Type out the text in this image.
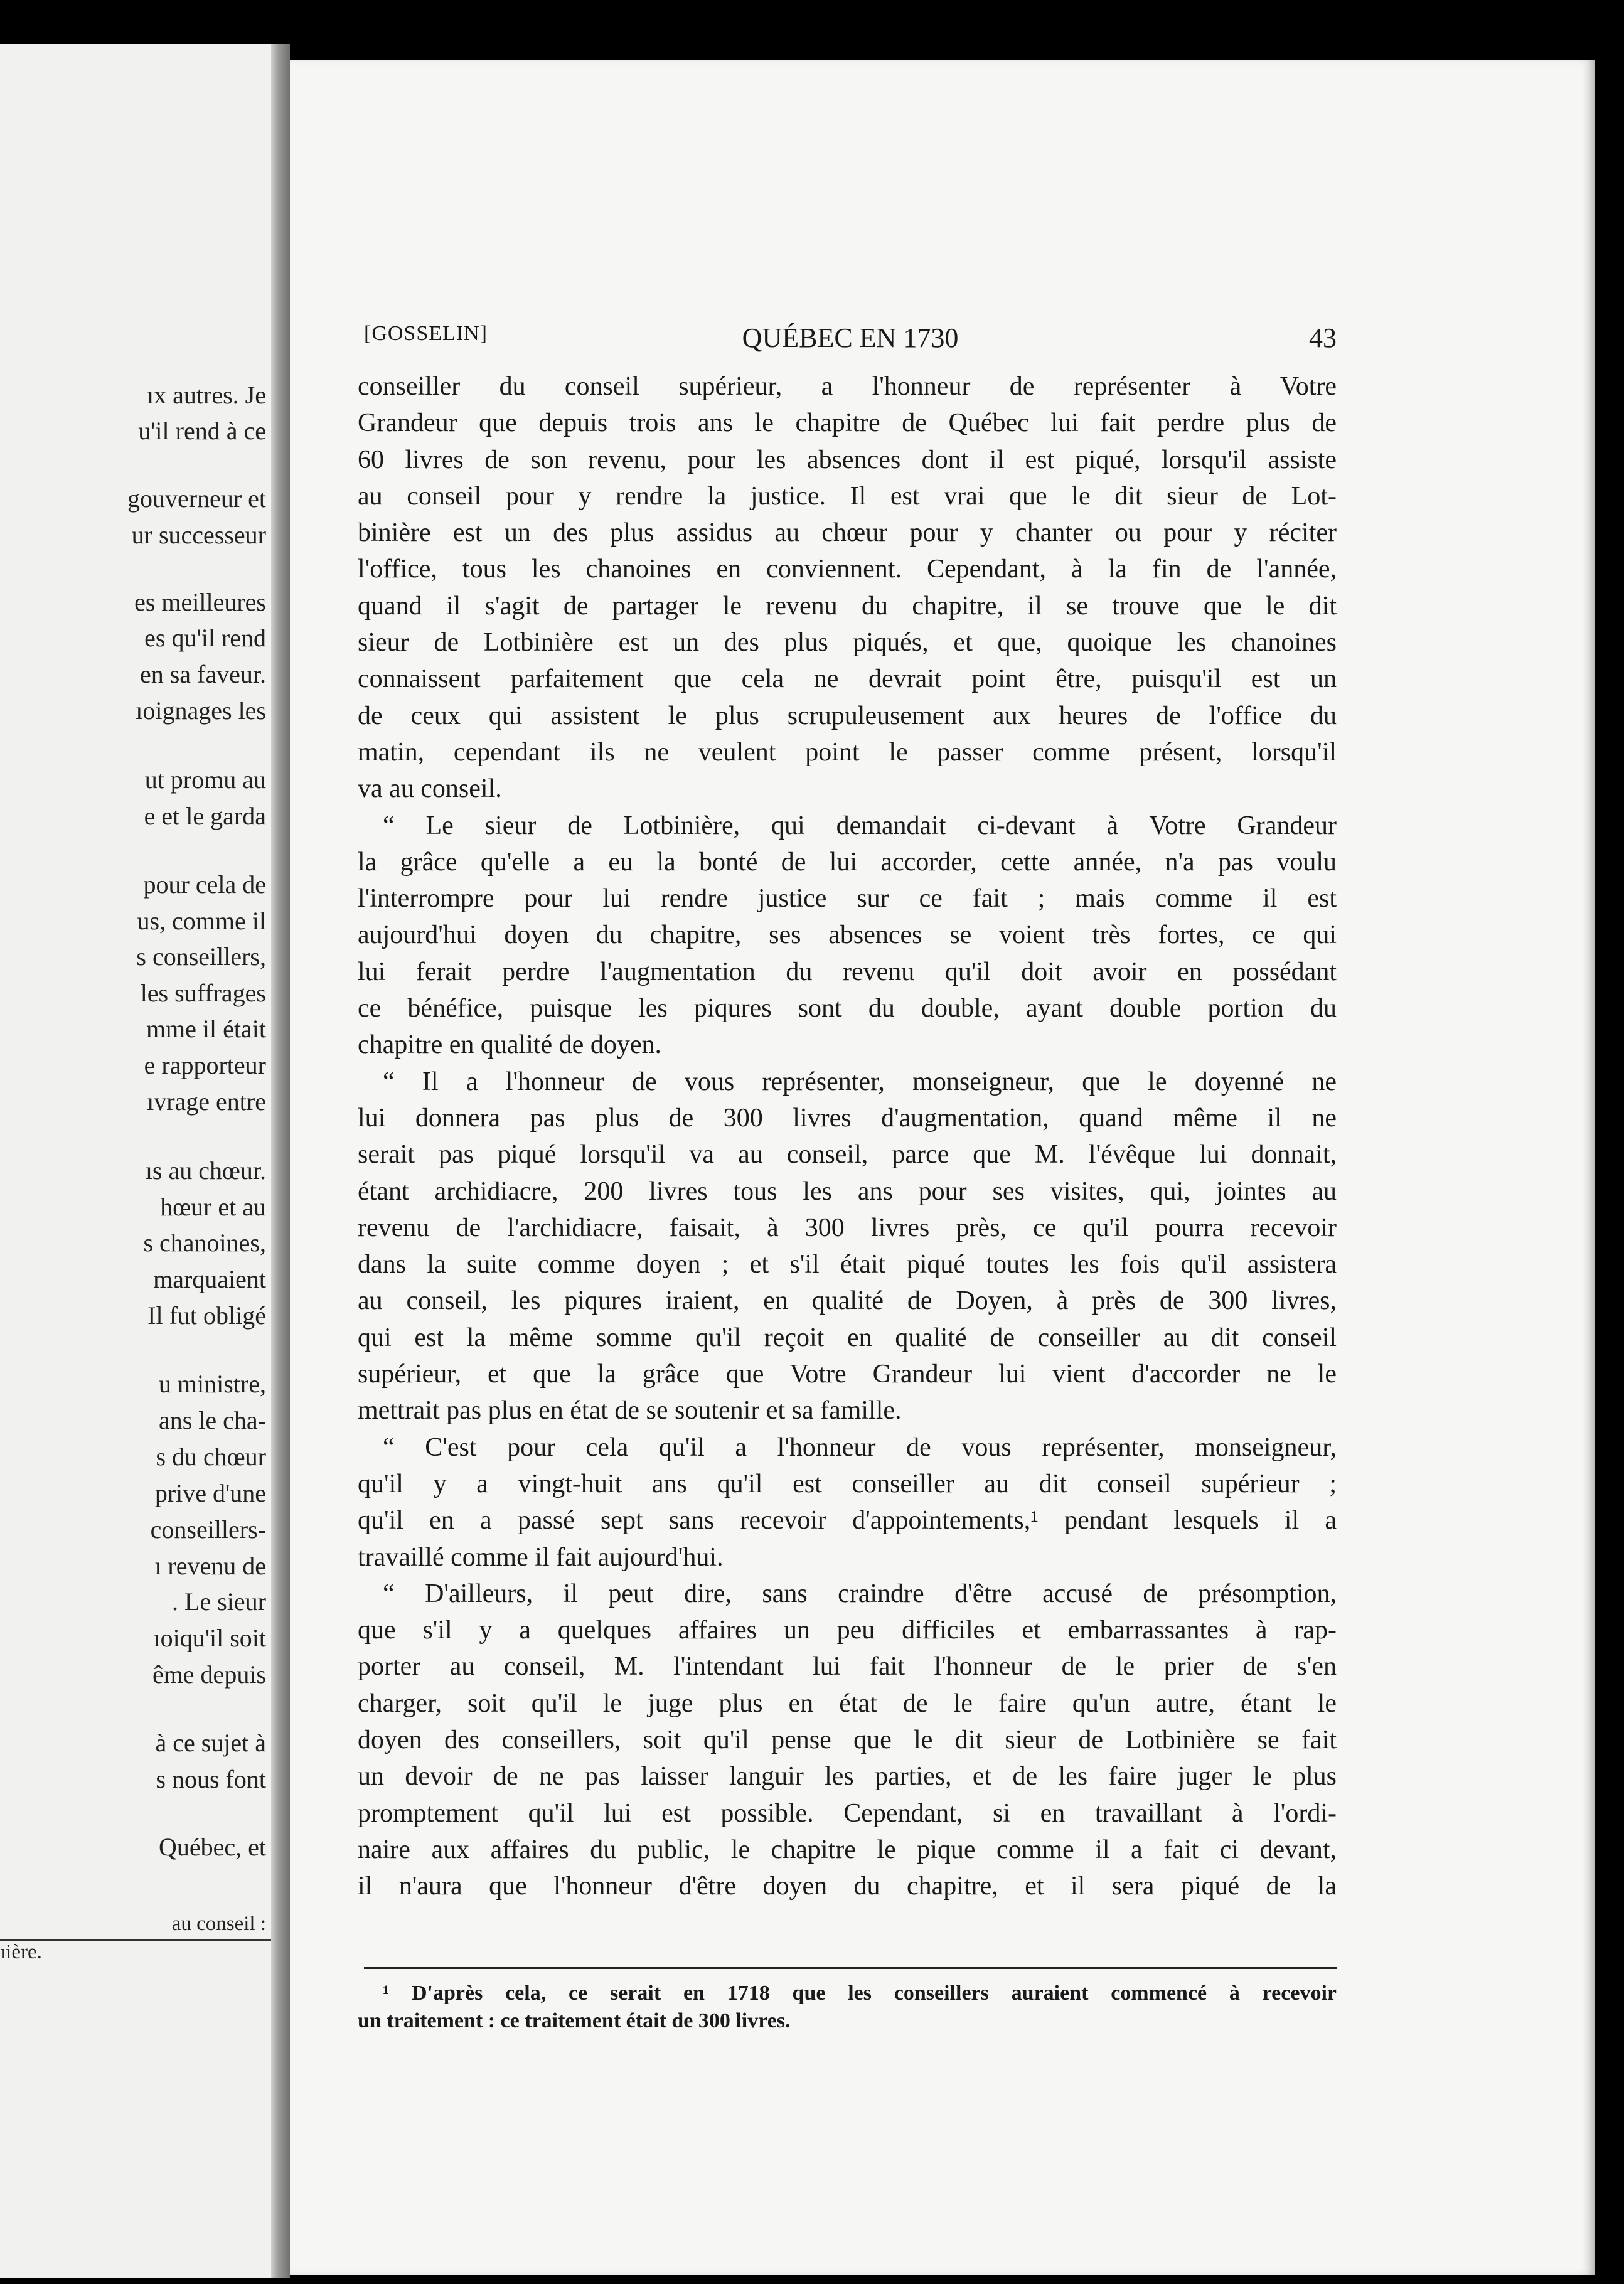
ıx autres. Je
u'il rend à ce
gouverneur et
ur successeur
es meilleures
es qu'il rend
en sa faveur.
ıoignages les
ut promu au
e et le garda
pour cela de
us, comme il
s conseillers,
les suffrages
mme il était
e rapporteur
ıvrage entre
ıs au chœur.
hœur et au
s chanoines,
marquaient
Il fut obligé
u ministre,
ans le cha-
s du chœur
prive d'une
conseillers-
ı revenu de
. Le sieur
ıoiqu'il soit
ême depuis
à ce sujet à
s nous font
Québec, et
au conseil :
ıière.
[GOSSELIN]	QUÉBEC EN 1730	43
conseiller du conseil supérieur, a l'honneur de représenter à Votre
Grandeur que depuis trois ans le chapitre de Québec lui fait perdre plus de
60 livres de son revenu, pour les absences dont il est piqué, lorsqu'il assiste
au conseil pour y rendre la justice. Il est vrai que le dit sieur de Lot-
binière est un des plus assidus au chœur pour y chanter ou pour y réciter
l'office, tous les chanoines en conviennent. Cependant, à la fin de l'année,
quand il s'agit de partager le revenu du chapitre, il se trouve que le dit
sieur de Lotbinière est un des plus piqués, et que, quoique les chanoines
connaissent parfaitement que cela ne devrait point être, puisqu'il est un
de ceux qui assistent le plus scrupuleusement aux heures de l'office du
matin, cependant ils ne veulent point le passer comme présent, lorsqu'il
va au conseil.
“ Le sieur de Lotbinière, qui demandait ci-devant à Votre Grandeur
la grâce qu'elle a eu la bonté de lui accorder, cette année, n'a pas voulu
l'interrompre pour lui rendre justice sur ce fait ; mais comme il est
aujourd'hui doyen du chapitre, ses absences se voient très fortes, ce qui
lui ferait perdre l'augmentation du revenu qu'il doit avoir en possédant
ce bénéfice, puisque les piqures sont du double, ayant double portion du
chapitre en qualité de doyen.
“ Il a l'honneur de vous représenter, monseigneur, que le doyenné ne
lui donnera pas plus de 300 livres d'augmentation, quand même il ne
serait pas piqué lorsqu'il va au conseil, parce que M. l'évêque lui donnait,
étant archidiacre, 200 livres tous les ans pour ses visites, qui, jointes au
revenu de l'archidiacre, faisait, à 300 livres près, ce qu'il pourra recevoir
dans la suite comme doyen ; et s'il était piqué toutes les fois qu'il assistera
au conseil, les piqures iraient, en qualité de Doyen, à près de 300 livres,
qui est la même somme qu'il reçoit en qualité de conseiller au dit conseil
supérieur, et que la grâce que Votre Grandeur lui vient d'accorder ne le
mettrait pas plus en état de se soutenir et sa famille.
“ C'est pour cela qu'il a l'honneur de vous représenter, monseigneur,
qu'il y a vingt-huit ans qu'il est conseiller au dit conseil supérieur ;
qu'il en a passé sept sans recevoir d'appointements,¹ pendant lesquels il a
travaillé comme il fait aujourd'hui.
“ D'ailleurs, il peut dire, sans craindre d'être accusé de présomption,
que s'il y a quelques affaires un peu difficiles et embarrassantes à rap-
porter au conseil, M. l'intendant lui fait l'honneur de le prier de s'en
charger, soit qu'il le juge plus en état de le faire qu'un autre, étant le
doyen des conseillers, soit qu'il pense que le dit sieur de Lotbinière se fait
un devoir de ne pas laisser languir les parties, et de les faire juger le plus
promptement qu'il lui est possible. Cependant, si en travaillant à l'ordi-
naire aux affaires du public, le chapitre le pique comme il a fait ci devant,
il n'aura que l'honneur d'être doyen du chapitre, et il sera piqué de la
¹ D'après cela, ce serait en 1718 que les conseillers auraient commencé à recevoir
un traitement : ce traitement était de 300 livres.
